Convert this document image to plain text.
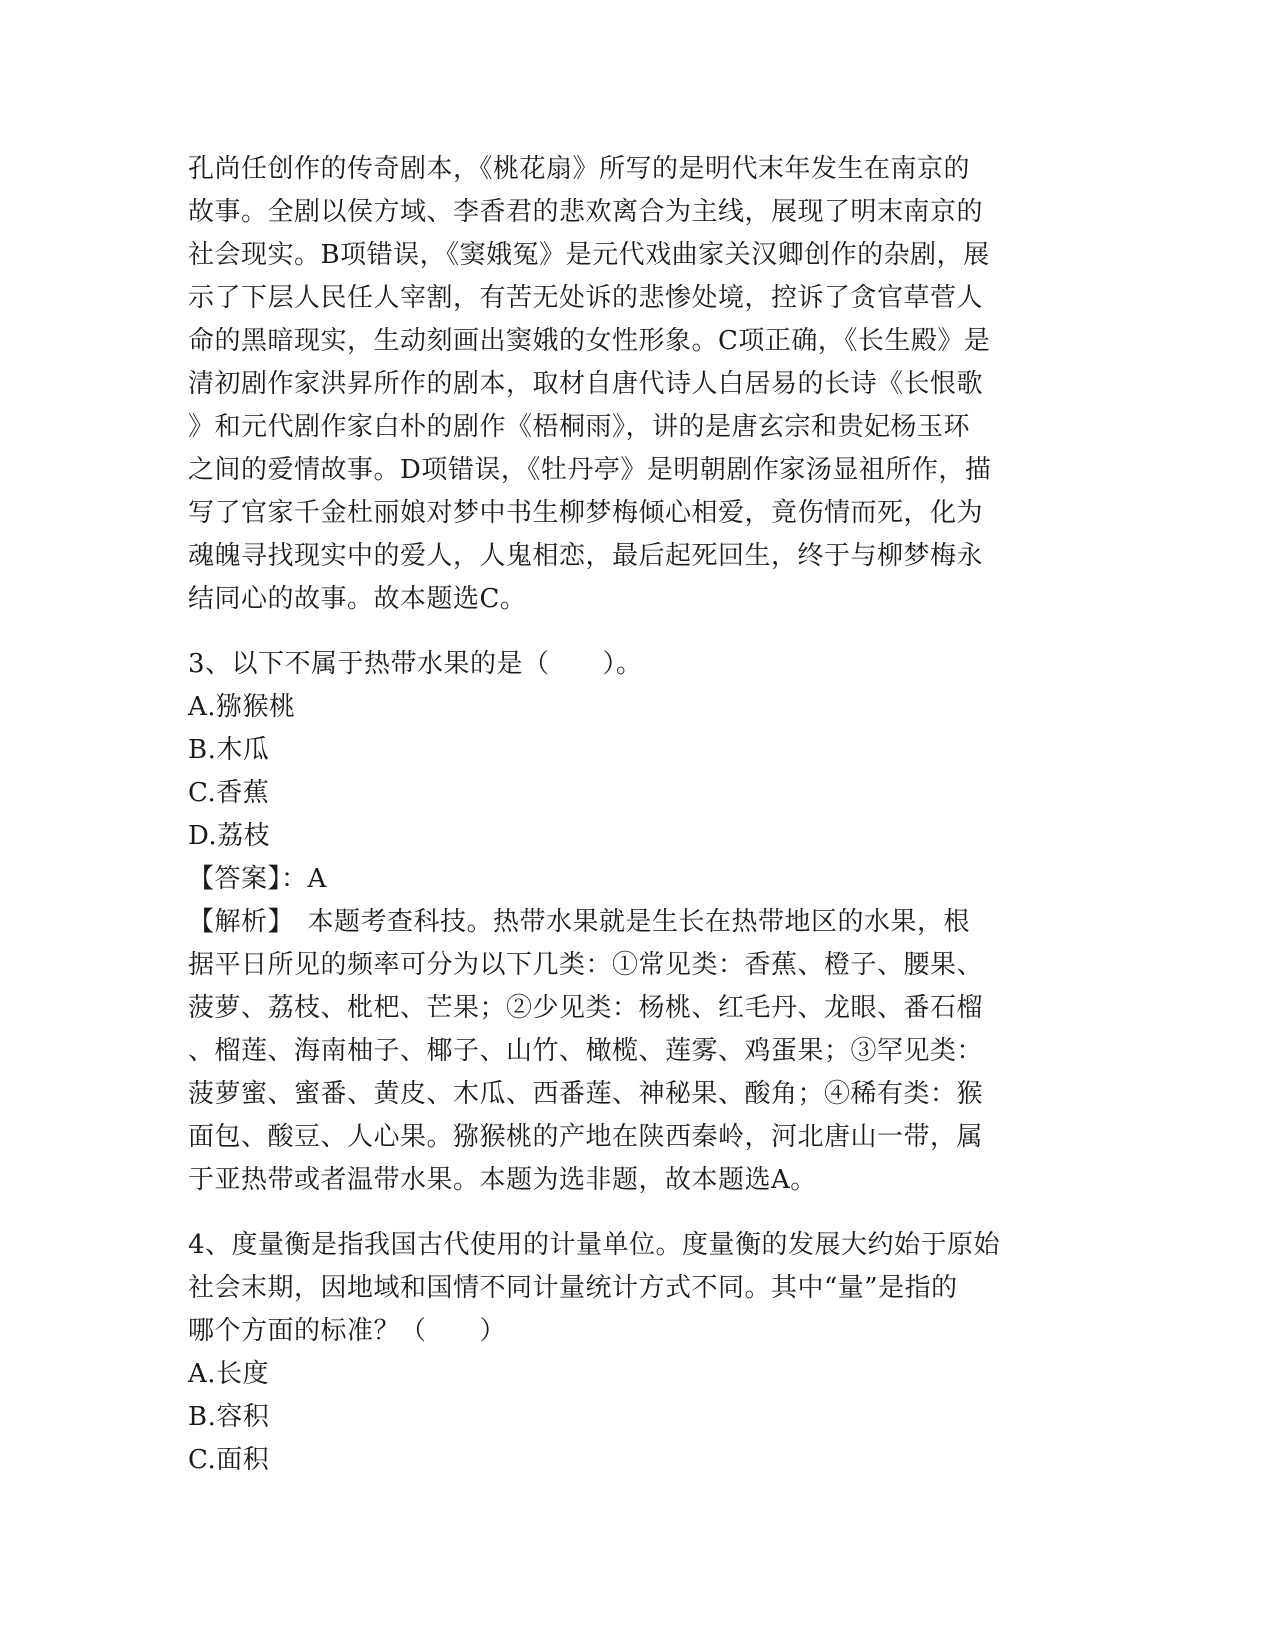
孔尚任创作的传奇剧本，《桃花扇》所写的是明代末年发生在南京的
故事。全剧以侯方域、李香君的悲欢离合为主线，展现了明末南京的
社会现实。B项错误，《窦娥冤》是元代戏曲家关汉卿创作的杂剧，展
示了下层人民任人宰割，有苦无处诉的悲惨处境，控诉了贪官草菅人
命的黑暗现实，生动刻画出窦娥的女性形象。C项正确，《长生殿》是
清初剧作家洪昇所作的剧本，取材自唐代诗人白居易的长诗《长恨歌
》和元代剧作家白朴的剧作《梧桐雨》，讲的是唐玄宗和贵妃杨玉环
之间的爱情故事。D项错误，《牡丹亭》是明朝剧作家汤显祖所作，描
写了官家千金杜丽娘对梦中书生柳梦梅倾心相爱，竟伤情而死，化为
魂魄寻找现实中的爱人，人鬼相恋，最后起死回生，终于与柳梦梅永
结同心的故事。故本题选C。
3、以下不属于热带水果的是（　　）。
A.猕猴桃
B.木瓜
C.香蕉
D.荔枝
【答案】：A
【解析】　本题考查科技。热带水果就是生长在热带地区的水果，根
据平日所见的频率可分为以下几类：①常见类：香蕉、橙子、腰果、
菠萝、荔枝、枇杷、芒果；②少见类：杨桃、红毛丹、龙眼、番石榴
、榴莲、海南柚子、椰子、山竹、橄榄、莲雾、鸡蛋果；③罕见类：
菠萝蜜、蜜番、黄皮、木瓜、西番莲、神秘果、酸角；④稀有类：猴
面包、酸豆、人心果。猕猴桃的产地在陕西秦岭，河北唐山一带，属
于亚热带或者温带水果。本题为选非题，故本题选A。
4、度量衡是指我国古代使用的计量单位。度量衡的发展大约始于原始
社会末期，因地域和国情不同计量统计方式不同。其中“量”是指的
哪个方面的标准？（　　）
A.长度
B.容积
C.面积
